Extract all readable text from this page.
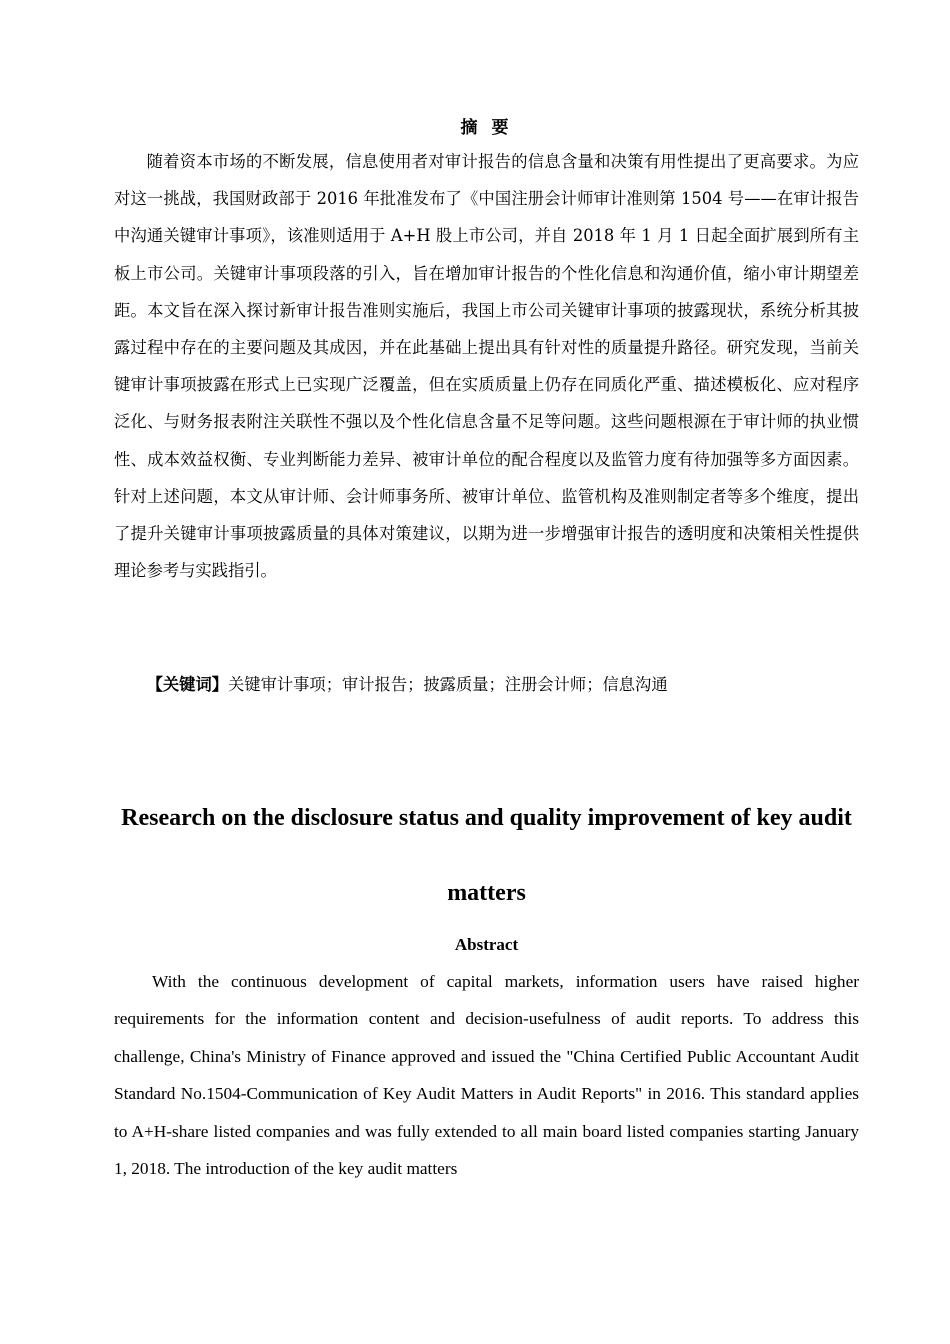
摘 要

随着资本市场的不断发展，信息使用者对审计报告的信息含量和决策有用性提出了更高要求。为应对这一挑战，我国财政部于 2016 年批准发布了《中国注册会计师审计准则第 1504 号——在审计报告中沟通关键审计事项》，该准则适用于 A+H 股上市公司，并自 2018 年 1 月 1 日起全面扩展到所有主板上市公司。关键审计事项段落的引入，旨在增加审计报告的个性化信息和沟通价值，缩小审计期望差距。本文旨在深入探讨新审计报告准则实施后，我国上市公司关键审计事项的披露现状，系统分析其披露过程中存在的主要问题及其成因，并在此基础上提出具有针对性的质量提升路径。研究发现，当前关键审计事项披露在形式上已实现广泛覆盖，但在实质质量上仍存在同质化严重、描述模板化、应对程序泛化、与财务报表附注关联性不强以及个性化信息含量不足等问题。这些问题根源在于审计师的执业惯性、成本效益权衡、专业判断能力差异、被审计单位的配合程度以及监管力度有待加强等多方面因素。针对上述问题，本文从审计师、会计师事务所、被审计单位、监管机构及准则制定者等多个维度，提出了提升关键审计事项披露质量的具体对策建议，以期为进一步增强审计报告的透明度和决策相关性提供理论参考与实践指引。

【关键词】关键审计事项；审计报告；披露质量；注册会计师；信息沟通

Research on the disclosure status and quality improvement of key audit matters
Abstract

With the continuous development of capital markets, information users have raised higher requirements for the information content and decision-usefulness of audit reports. To address this challenge, China's Ministry of Finance approved and issued the "China Certified Public Accountant Audit Standard No.1504-Communication of Key Audit Matters in Audit Reports" in 2016. This standard applies to A+H-share listed companies and was fully extended to all main board listed companies starting January 1, 2018. The introduction of the key audit matters
